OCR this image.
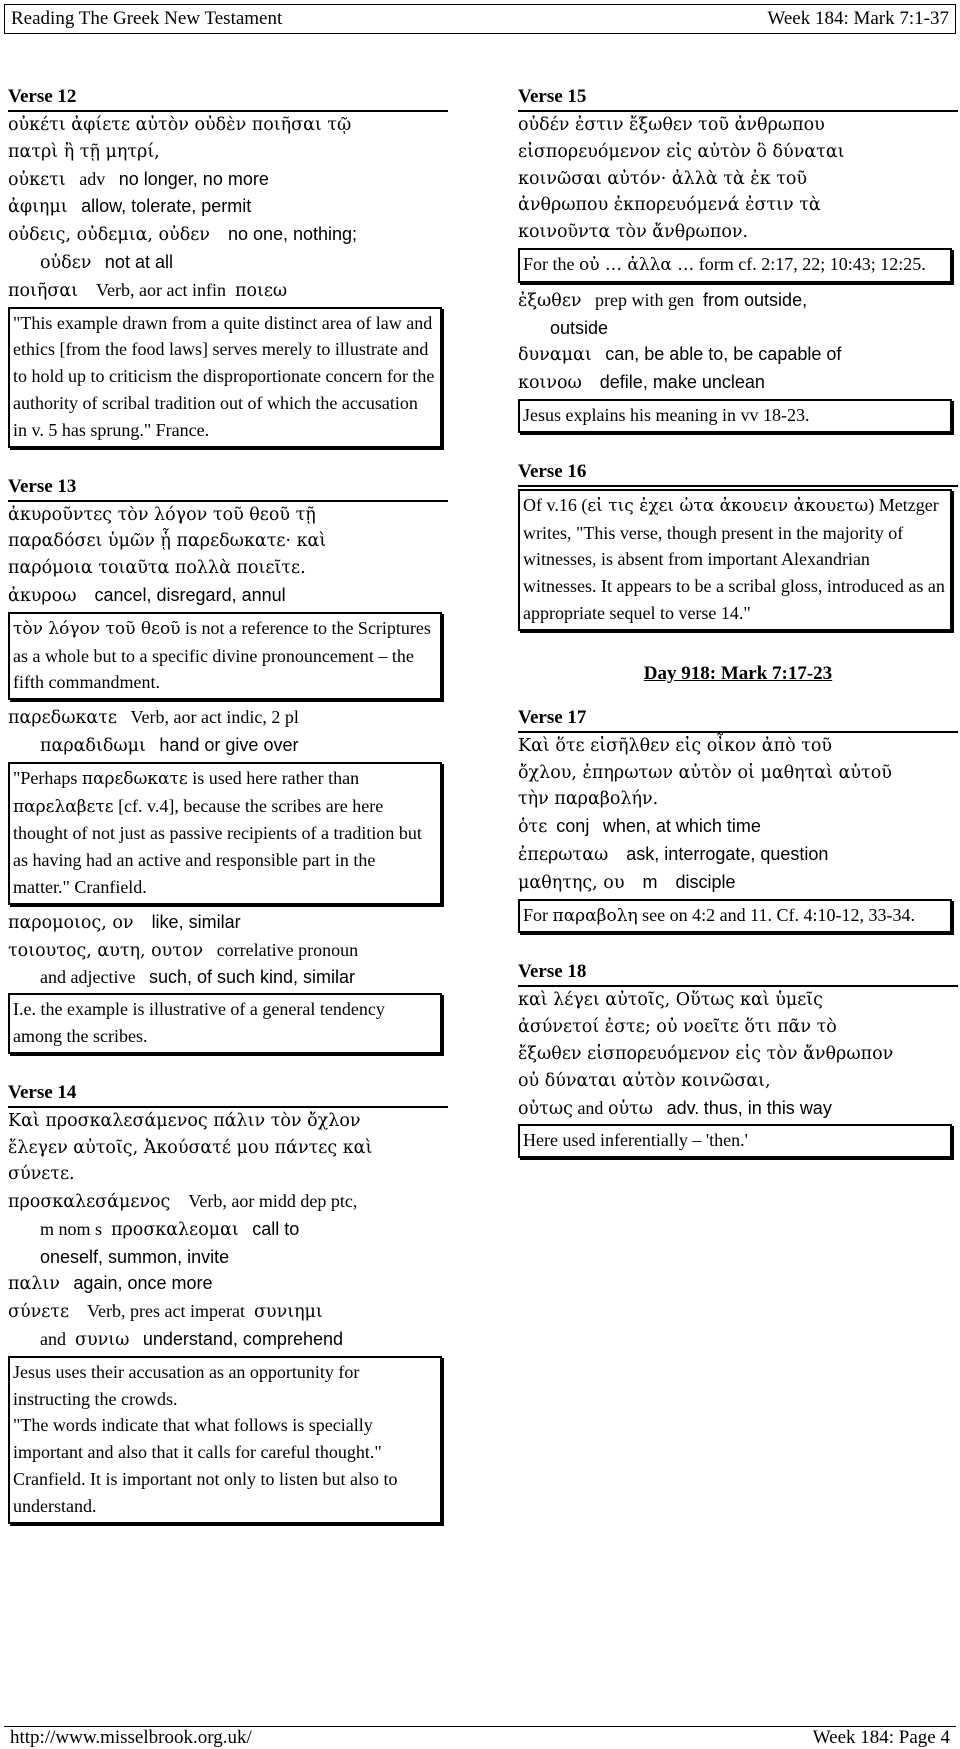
Reading The Greek New Testament	Week 184: Mark 7:1-37
Verse 12
οὐκέτι ἀφίετε αὐτὸν οὐδὲν ποιῆσαι τῷ
πατρὶ ἢ τῇ μητρί,
οὐκετι adv no longer, no more
ἀφιημι allow, tolerate, permit
οὐδεις, οὐδεμια, οὐδεν no one, nothing;
οὐδεν not at all
ποιῆσαι Verb, aor act infin ποιεω
"This example drawn from a quite distinct area of law and ethics [from the food laws] serves merely to illustrate and to hold up to criticism the disproportionate concern for the authority of scribal tradition out of which the accusation in v. 5 has sprung." France.
Verse 13
ἀκυροῦντες τὸν λόγον τοῦ θεοῦ τῇ
παραδόσει ὑμῶν ᾗ παρεδωκατε· καὶ
παρόμοια τοιαῦτα πολλὰ ποιεῖτε.
ἀκυροω cancel, disregard, annul
τὸν λόγον τοῦ θεοῦ is not a reference to the Scriptures as a whole but to a specific divine pronouncement – the fifth commandment.
παρεδωκατε Verb, aor act indic, 2 pl
παραδιδωμι hand or give over
"Perhaps παρεδωκατε is used here rather than παρελαβετε [cf. v.4], because the scribes are here thought of not just as passive recipients of a tradition but as having had an active and responsible part in the matter." Cranfield.
παρομοιος, ον like, similar
τοιουτος, αυτη, ουτον correlative pronoun
and adjective such, of such kind, similar
I.e. the example is illustrative of a general tendency among the scribes.
Verse 14
Καὶ προσκαλεσάμενος πάλιν τὸν ὄχλον
ἔλεγεν αὐτοῖς, Ἀκούσατέ μου πάντες καὶ
σύνετε.
προσκαλεσάμενος Verb, aor midd dep ptc,
m nom s προσκαλεομαι call to
oneself, summon, invite
παλιν again, once more
σύνετε Verb, pres act imperat συνιημι
and συνιω understand, comprehend
Jesus uses their accusation as an opportunity for instructing the crowds.
"The words indicate that what follows is specially important and also that it calls for careful thought." Cranfield. It is important not only to listen but also to understand.
Verse 15
οὐδέν ἐστιν ἔξωθεν τοῦ ἀνθρωπου
εἰσπορευόμενον εἰς αὐτὸν ὃ δύναται
κοινῶσαι αὐτόν· ἀλλὰ τὰ ἐκ τοῦ
ἀνθρωπου ἐκπορευόμενά ἐστιν τὰ
κοινοῦντα τὸν ἄνθρωπον.
For the οὐ … ἀλλα … form cf. 2:17, 22; 10:43; 12:25.
ἐξωθεν prep with gen from outside,
outside
δυναμαι can, be able to, be capable of
κοινοω defile, make unclean
Jesus explains his meaning in vv 18-23.
Verse 16
Of v.16 (εἰ τις ἐχει ὠτα ἀκουειν ἀκουετω) Metzger writes, "This verse, though present in the majority of witnesses, is absent from important Alexandrian witnesses. It appears to be a scribal gloss, introduced as an appropriate sequel to verse 14."
Day 918: Mark 7:17-23
Verse 17
Καὶ ὅτε εἰσῆλθεν εἰς οἶκον ἀπὸ τοῦ
ὄχλου, ἐπηρωτων αὐτὸν οἱ μαθηταὶ αὐτοῦ
τὴν παραβολήν.
ὁτε conj when, at which time
ἐπερωταω ask, interrogate, question
μαθητης, ου m disciple
For παραβολη see on 4:2 and 11. Cf. 4:10-12, 33-34.
Verse 18
καὶ λέγει αὐτοῖς, Οὕτως καὶ ὑμεῖς
ἀσύνετοί ἐστε; οὐ νοεῖτε ὅτι πᾶν τὸ
ἔξωθεν εἰσπορευόμενον εἰς τὸν ἄνθρωπον
οὐ δύναται αὐτὸν κοινῶσαι,
οὑτως and οὑτω adv. thus, in this way
Here used inferentially – 'then.'
http://www.misselbrook.org.uk/	Week 184: Page 4
